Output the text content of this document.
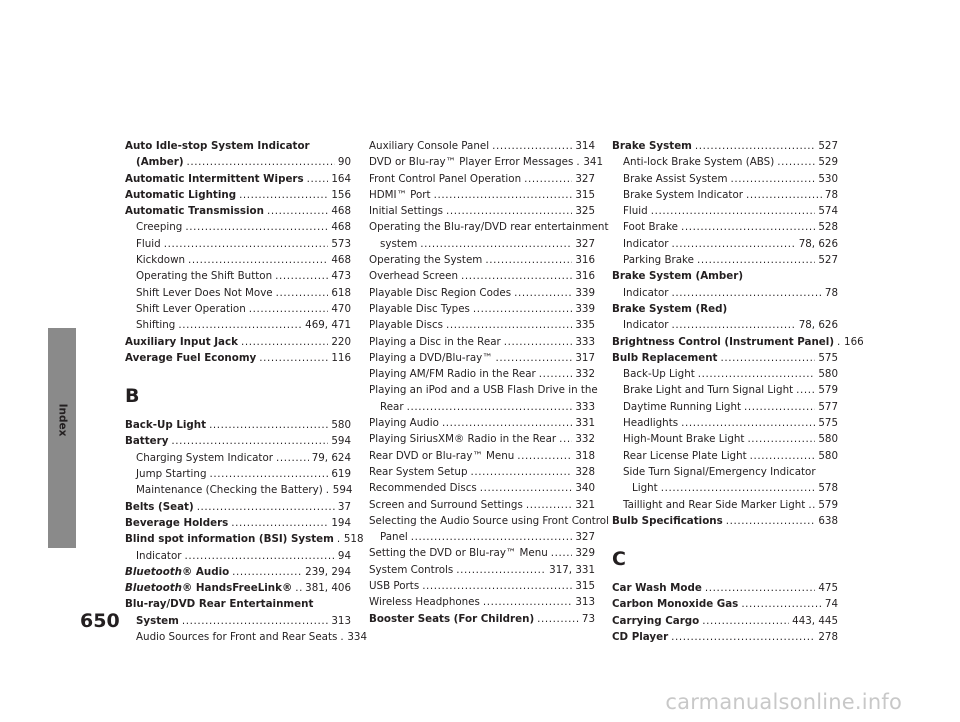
Index
Auto Idle-stop System Indicator
(Amber) .....	90
Automatic Intermittent Wipers .....	164
Automatic Lighting .....	156
Automatic Transmission .....	468
Creeping .....	468
Fluid .....	573
Kickdown .....	468
Operating the Shift Button .....	473
Shift Lever Does Not Move .....	618
Shift Lever Operation .....	470
Shifting .....	469, 471
Auxiliary Input Jack .....	220
Average Fuel Economy .....	116
B
Back-Up Light .....	580
Battery .....	594
Charging System Indicator .....	79, 624
Jump Starting .....	619
Maintenance (Checking the Battery) ..... 594
Belts (Seat) .....	37
Beverage Holders .....	194
Blind spot information (BSI) System ..... 518
Indicator .....	94
Bluetooth® Audio .....	239, 294
Bluetooth® HandsFreeLink® ..... 381, 406
Blu-ray/DVD Rear Entertainment
System .....	313
Audio Sources for Front and Rear Seats ..... 334
Auxiliary Console Panel .....	314
DVD or Blu-ray™ Player Error Messages ..... 341
Front Control Panel Operation .....	327
HDMI™ Port .....	315
Initial Settings .....	325
Operating the Blu-ray/DVD rear entertainment
system .....	327
Operating the System .....	316
Overhead Screen .....	316
Playable Disc Region Codes .....	339
Playable Disc Types .....	339
Playable Discs .....	335
Playing a Disc in the Rear .....	333
Playing a DVD/Blu-ray™ .....	317
Playing AM/FM Radio in the Rear .....	332
Playing an iPod and a USB Flash Drive in the
Rear .....	333
Playing Audio .....	331
Playing SiriusXM® Radio in the Rear ..... 332
Rear DVD or Blu-ray™ Menu .....	318
Rear System Setup .....	328
Recommended Discs .....	340
Screen and Surround Settings .....	321
Selecting the Audio Source using Front Control
Panel .....	327
Setting the DVD or Blu-ray™ Menu .....	329
System Controls .....	317, 331
USB Ports .....	315
Wireless Headphones .....	313
Booster Seats (For Children) .....	73
Brake System .....	527
Anti-lock Brake System (ABS) .....	529
Brake Assist System .....	530
Brake System Indicator .....	78
Fluid .....	574
Foot Brake .....	528
Indicator .....	78, 626
Parking Brake .....	527
Brake System (Amber)
Indicator .....	78
Brake System (Red)
Indicator .....	78, 626
Brightness Control (Instrument Panel) ..... 166
Bulb Replacement .....	575
Back-Up Light .....	580
Brake Light and Turn Signal Light ..... 579
Daytime Running Light .....	577
Headlights .....	575
High-Mount Brake Light .....	580
Rear License Plate Light .....	580
Side Turn Signal/Emergency Indicator
Light .....	578
Taillight and Rear Side Marker Light ..... 579
Bulb Specifications .....	638
C
Car Wash Mode .....	475
Carbon Monoxide Gas .....	74
Carrying Cargo .....	443, 445
CD Player .....	278
650
carmanualsonline.info
